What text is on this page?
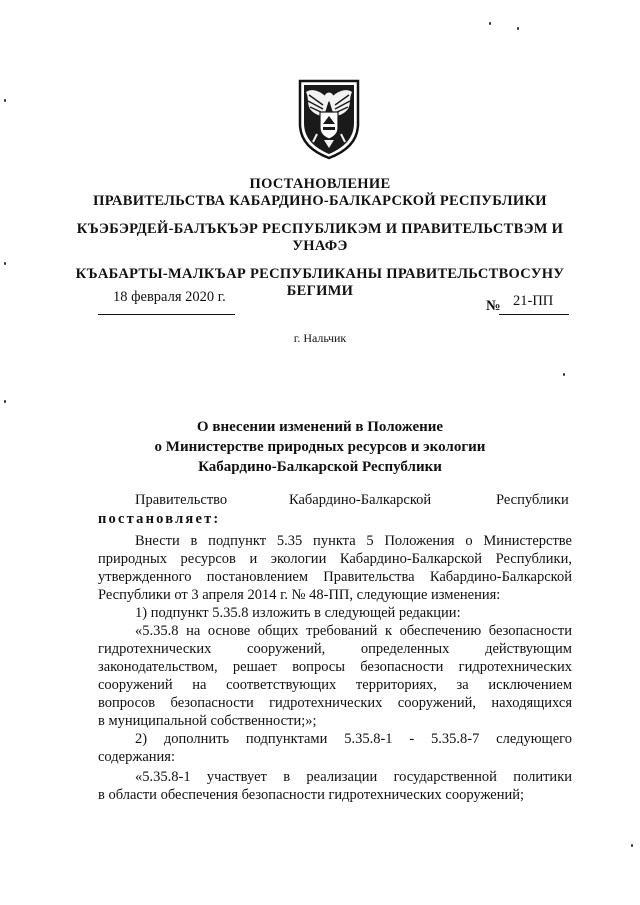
ПОСТАНОВЛЕНИЕ
ПРАВИТЕЛЬСТВА КАБАРДИНО-БАЛКАРСКОЙ РЕСПУБЛИКИ
КЪЭБЭРДЕЙ-БАЛЪКЪЭР РЕСПУБЛИКЭМ И ПРАВИТЕЛЬСТВЭМ И
УНАФЭ
КЪАБАРТЫ-МАЛКЪАР РЕСПУБЛИКАНЫ ПРАВИТЕЛЬСТВОСУНУ
БЕГИМИ
18 февраля 2020 г.
№ 21-ПП
г. Нальчик
О внесении изменений в Положение
о Министерстве природных ресурсов и экологии
Кабардино-Балкарской Республики
Правительство	Кабардино-Балкарской	Республики
постановляет:
Внести в подпункт 5.35 пункта 5 Положения о Министерстве
природных ресурсов и экологии Кабардино-Балкарской Республики,
утвержденного постановлением Правительства Кабардино-Балкарской
Республики от 3 апреля 2014 г. № 48-ПП, следующие изменения:
1) подпункт 5.35.8 изложить в следующей редакции:
«5.35.8 на основе общих требований к обеспечению безопасности
гидротехнических сооружений, определенных действующим
законодательством, решает вопросы безопасности гидротехнических
сооружений на соответствующих территориях, за исключением
вопросов безопасности гидротехнических сооружений, находящихся
в муниципальной собственности;»;
2) дополнить подпунктами 5.35.8-1 - 5.35.8-7 следующего
содержания:
«5.35.8-1 участвует в реализации государственной политики
в области обеспечения безопасности гидротехнических сооружений;
